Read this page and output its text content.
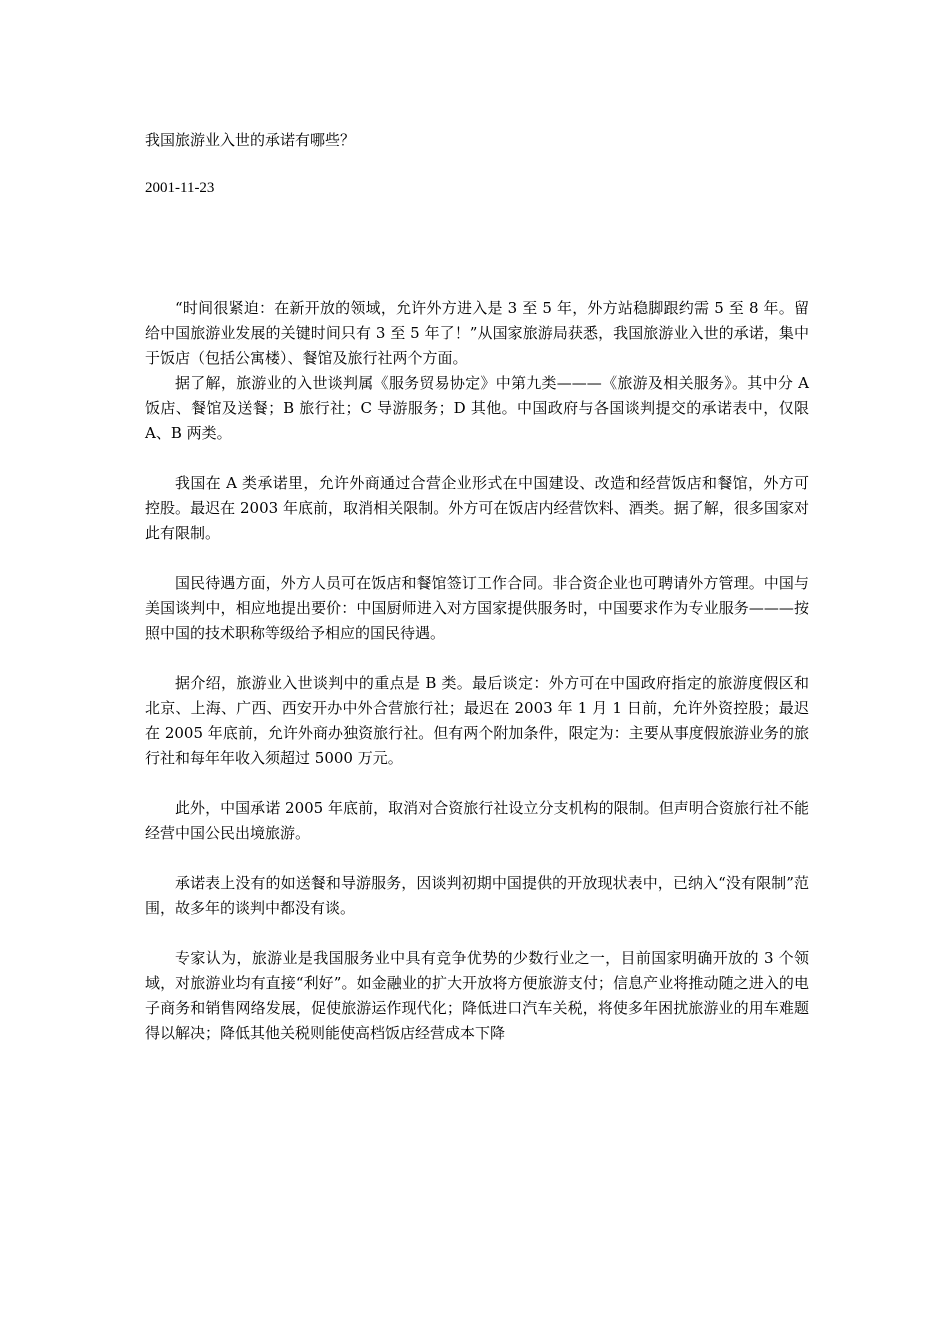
我国旅游业入世的承诺有哪些？
2001-11-23

“时间很紧迫：在新开放的领域，允许外方进入是 3 至 5 年，外方站稳脚跟约需 5 至 8 年。留给中国旅游业发展的关键时间只有 3 至 5 年了！”从国家旅游局获悉，我国旅游业入世的承诺，集中于饭店（包括公寓楼）、餐馆及旅行社两个方面。

据了解，旅游业的入世谈判属《服务贸易协定》中第九类———《旅游及相关服务》。其中分 A 饭店、餐馆及送餐；B 旅行社；C 导游服务；D 其他。中国政府与各国谈判提交的承诺表中，仅限 A、B 两类。

我国在 A 类承诺里，允许外商通过合营企业形式在中国建设、改造和经营饭店和餐馆，外方可控股。最迟在 2003 年底前，取消相关限制。外方可在饭店内经营饮料、酒类。据了解，很多国家对此有限制。

国民待遇方面，外方人员可在饭店和餐馆签订工作合同。非合资企业也可聘请外方管理。中国与美国谈判中，相应地提出要价：中国厨师进入对方国家提供服务时，中国要求作为专业服务———按照中国的技术职称等级给予相应的国民待遇。

据介绍，旅游业入世谈判中的重点是 B 类。最后谈定：外方可在中国政府指定的旅游度假区和北京、上海、广西、西安开办中外合营旅行社；最迟在 2003 年 1 月 1 日前，允许外资控股；最迟在 2005 年底前，允许外商办独资旅行社。但有两个附加条件，限定为：主要从事度假旅游业务的旅行社和每年年收入须超过 5000 万元。

此外，中国承诺 2005 年底前，取消对合资旅行社设立分支机构的限制。但声明合资旅行社不能经营中国公民出境旅游。

承诺表上没有的如送餐和导游服务，因谈判初期中国提供的开放现状表中，已纳入“没有限制”范围，故多年的谈判中都没有谈。

专家认为，旅游业是我国服务业中具有竞争优势的少数行业之一，目前国家明确开放的 3 个领域，对旅游业均有直接“利好”。如金融业的扩大开放将方便旅游支付；信息产业将推动随之进入的电子商务和销售网络发展，促使旅游运作现代化；降低进口汽车关税，将使多年困扰旅游业的用车难题得以解决；降低其他关税则能使高档饭店经营成本下降
